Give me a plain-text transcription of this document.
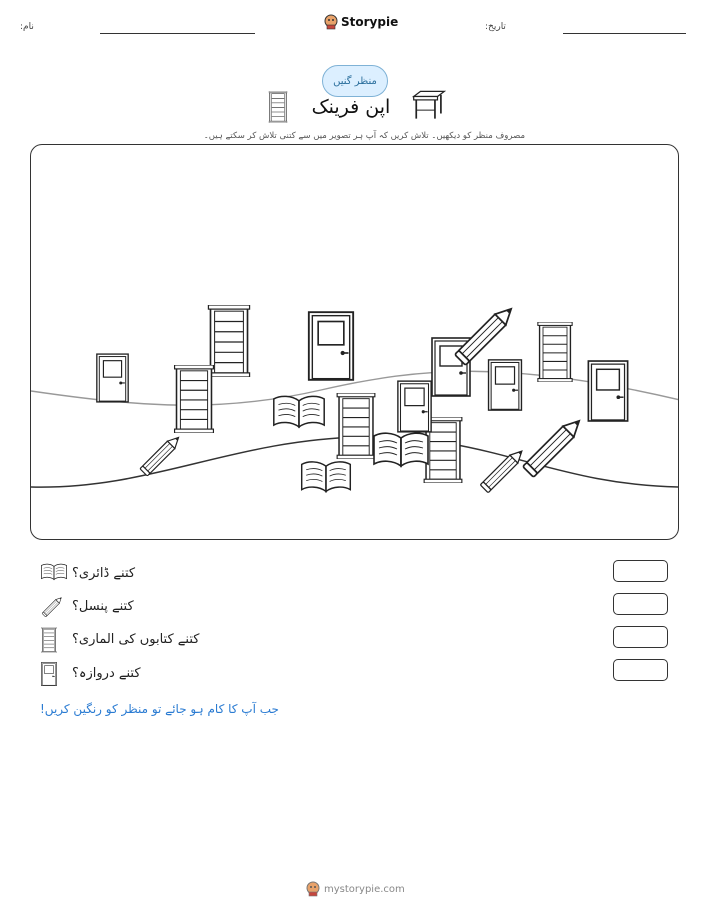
نام:	Storypie	تاریخ:
منظر گنیں
اپن فرینک
مصروف منظر کو دیکھیں۔ تلاش کریں کہ آپ ہر تصویر میں سے کتنی تلاش کر سکتے ہیں۔
کتنے ڈائری؟
کتنے پنسل؟
کتنے کتابوں کی الماری؟
کتنے دروازہ؟
جب آپ کا کام ہو جائے تو منظر کو رنگین کریں!
mystorypie.com
